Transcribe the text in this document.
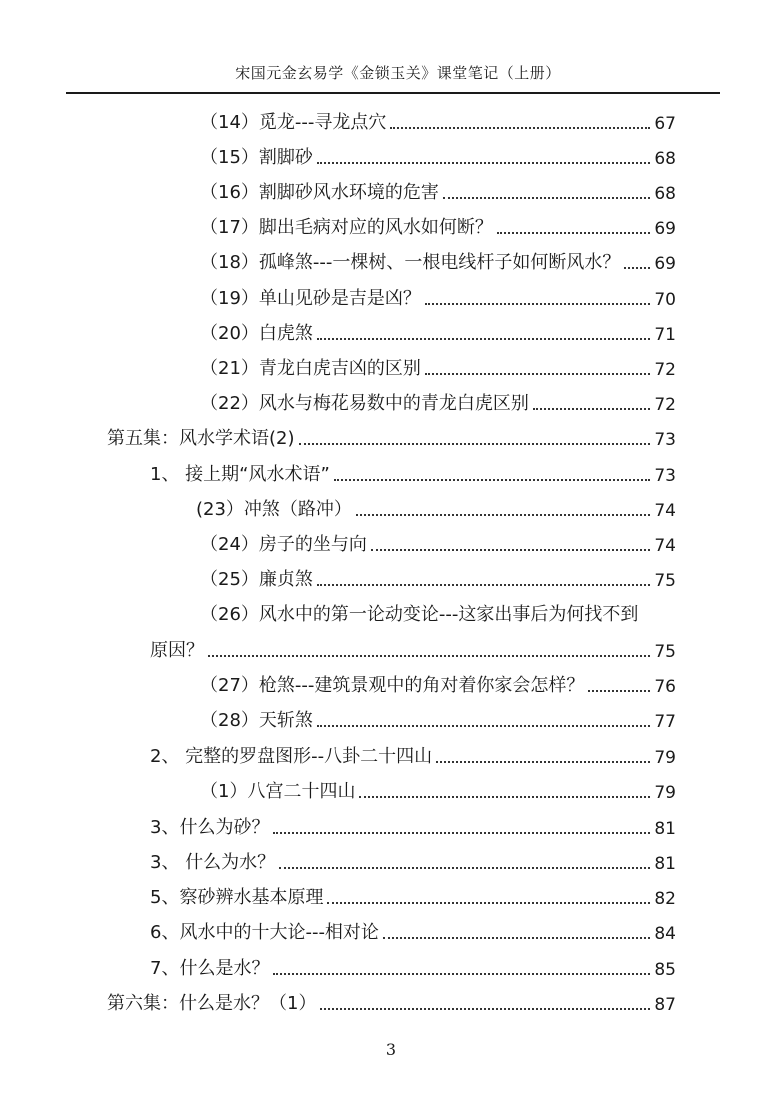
宋国元金玄易学《金锁玉关》课堂笔记（上册）
（14）觅龙---寻龙点穴	67
（15）割脚砂	68
（16）割脚砂风水环境的危害	68
（17）脚出毛病对应的风水如何断？	69
（18）孤峰煞---一棵树、一根电线杆子如何断风水？ 69
（19）单山见砂是吉是凶？	70
（20）白虎煞	71
（21）青龙白虎吉凶的区别	72
（22）风水与梅花易数中的青龙白虎区别	72
第五集：风水学术语(2)	73
1、 接上期“风水术语”	73
(23）冲煞（路冲）	74
（24）房子的坐与向	74
（25）廉贞煞	75
（26）风水中的第一论动变论---这家出事后为何找不到
原因？	75
（27）枪煞---建筑景观中的角对着你家会怎样？	76
（28）天斩煞	77
2、 完整的罗盘图形--八卦二十四山	79
（1）八宫二十四山	79
3、什么为砂？	81
3、 什么为水？	81
5、察砂辨水基本原理	82
6、风水中的十大论---相对论	84
7、什么是水？	85
第六集：什么是水？（1）	87
3
